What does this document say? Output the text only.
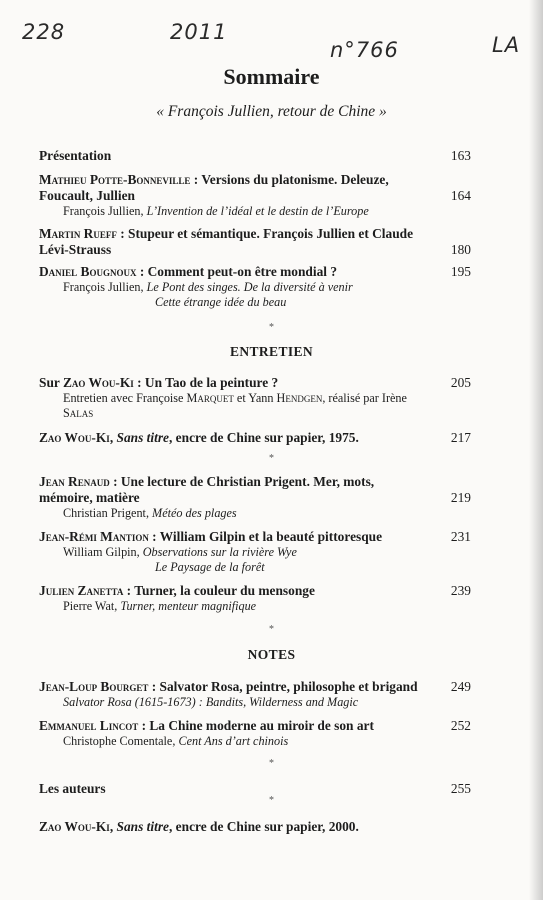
228	2011
n°766	LA
Sommaire
« François Jullien, retour de Chine »
Présentation	163
Mathieu Potte-Bonneville : Versions du platonisme. Deleuze, Foucault, Jullien	164
François Jullien, L’Invention de l’idéal et le destin de l’Europe
Martin Rueff : Stupeur et sémantique. François Jullien et Claude Lévi-Strauss	180
Daniel Bougnoux : Comment peut-on être mondial ?	195
François Jullien, Le Pont des singes. De la diversité à venir
Cette étrange idée du beau
*
ENTRETIEN
Sur Zao Wou-Ki : Un Tao de la peinture ?	205
Entretien avec Françoise Marquet et Yann Hendgen, réalisé par Irène Salas
Zao Wou-Ki, Sans titre, encre de Chine sur papier, 1975.	217
*
Jean Renaud : Une lecture de Christian Prigent. Mer, mots, mémoire, matière	219
Christian Prigent, Météo des plages
Jean-Rémi Mantion : William Gilpin et la beauté pittoresque	231
William Gilpin, Observations sur la rivière Wye
Le Paysage de la forêt
Julien Zanetta : Turner, la couleur du mensonge	239
Pierre Wat, Turner, menteur magnifique
*
NOTES
Jean-Loup Bourget : Salvator Rosa, peintre, philosophe et brigand 249
Salvator Rosa (1615-1673) : Bandits, Wilderness and Magic
Emmanuel Lincot : La Chine moderne au miroir de son art	252
Christophe Comentale, Cent Ans d’art chinois
*
Les auteurs	255
*
Zao Wou-Ki, Sans titre, encre de Chine sur papier, 2000.
